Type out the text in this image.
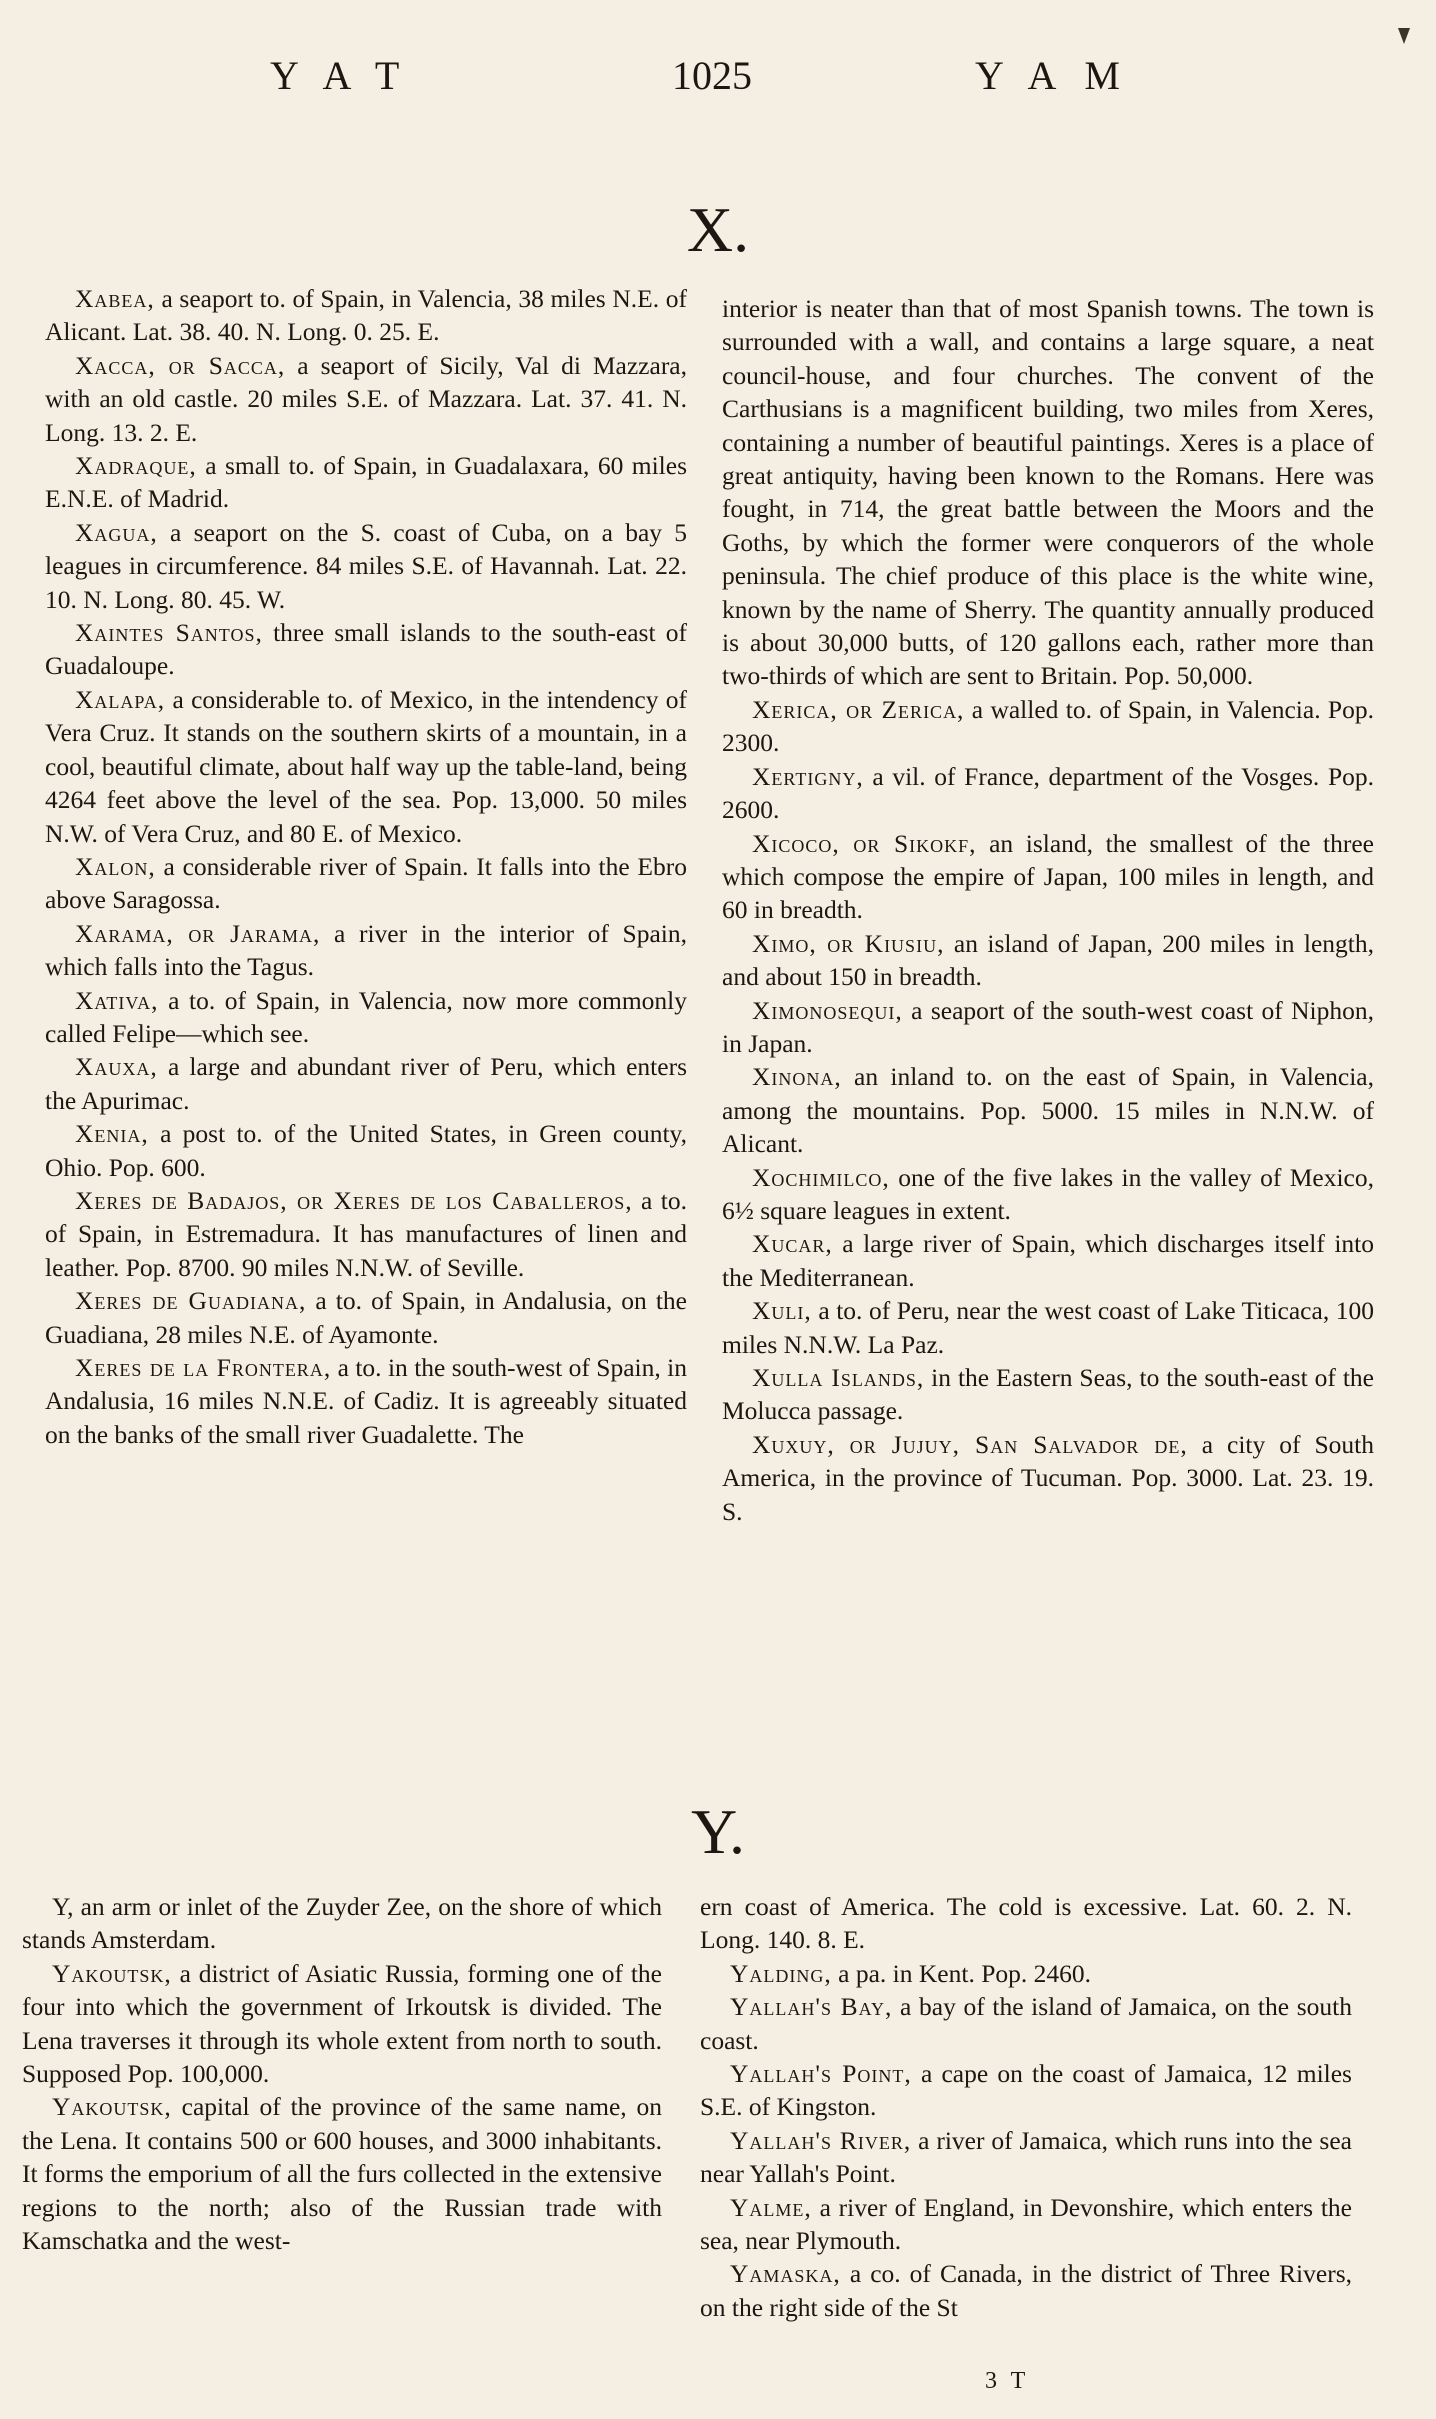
YAT	1025	YAM
X.

Xabea, a seaport to. of Spain, in Valencia, 38 miles N.E. of Alicant. Lat. 38. 40. N. Long. 0. 25. E.

Xacca, or Sacca, a seaport of Sicily, Val di Mazzara, with an old castle. 20 miles S.E. of Mazzara. Lat. 37. 41. N. Long. 13. 2. E.

Xadraque, a small to. of Spain, in Guadalaxara, 60 miles E.N.E. of Madrid.

Xagua, a seaport on the S. coast of Cuba, on a bay 5 leagues in circumference. 84 miles S.E. of Havannah. Lat. 22. 10. N. Long. 80. 45. W.

Xaintes Santos, three small islands to the south-east of Guadaloupe.

Xalapa, a considerable to. of Mexico, in the intendency of Vera Cruz. It stands on the southern skirts of a mountain, in a cool, beautiful climate, about half way up the table-land, being 4264 feet above the level of the sea. Pop. 13,000. 50 miles N.W. of Vera Cruz, and 80 E. of Mexico.

Xalon, a considerable river of Spain. It falls into the Ebro above Saragossa.

Xarama, or Jarama, a river in the interior of Spain, which falls into the Tagus.

Xativa, a to. of Spain, in Valencia, now more commonly called Felipe—which see.

Xauxa, a large and abundant river of Peru, which enters the Apurimac.

Xenia, a post to. of the United States, in Green county, Ohio. Pop. 600.

Xeres de Badajos, or Xeres de los Caballeros, a to. of Spain, in Estremadura. It has manufactures of linen and leather. Pop. 8700. 90 miles N.N.W. of Seville.

Xeres de Guadiana, a to. of Spain, in Andalusia, on the Guadiana, 28 miles N.E. of Ayamonte.

Xeres de la Frontera, a to. in the south-west of Spain, in Andalusia, 16 miles N.N.E. of Cadiz. It is agreeably situated on the banks of the small river Guadalette. The

interior is neater than that of most Spanish towns. The town is surrounded with a wall, and contains a large square, a neat council-house, and four churches. The convent of the Carthusians is a magnificent building, two miles from Xeres, containing a number of beautiful paintings. Xeres is a place of great antiquity, having been known to the Romans. Here was fought, in 714, the great battle between the Moors and the Goths, by which the former were conquerors of the whole peninsula. The chief produce of this place is the white wine, known by the name of Sherry. The quantity annually produced is about 30,000 butts, of 120 gallons each, rather more than two-thirds of which are sent to Britain. Pop. 50,000.

Xerica, or Zerica, a walled to. of Spain, in Valencia. Pop. 2300.

Xertigny, a vil. of France, department of the Vosges. Pop. 2600.

Xicoco, or Sikokf, an island, the smallest of the three which compose the empire of Japan, 100 miles in length, and 60 in breadth.

Ximo, or Kiusiu, an island of Japan, 200 miles in length, and about 150 in breadth.

Ximonosequi, a seaport of the south-west coast of Niphon, in Japan.

Xinona, an inland to. on the east of Spain, in Valencia, among the mountains. Pop. 5000. 15 miles in N.N.W. of Alicant.

Xochimilco, one of the five lakes in the valley of Mexico, 6½ square leagues in extent.

Xucar, a large river of Spain, which discharges itself into the Mediterranean.

Xuli, a to. of Peru, near the west coast of Lake Titicaca, 100 miles N.N.W. La Paz.

Xulla Islands, in the Eastern Seas, to the south-east of the Molucca passage.

Xuxuy, or Jujuy, San Salvador de, a city of South America, in the province of Tucuman. Pop. 3000. Lat. 23. 19. S.

Y.

Y, an arm or inlet of the Zuyder Zee, on the shore of which stands Amsterdam.

Yakoutsk, a district of Asiatic Russia, forming one of the four into which the government of Irkoutsk is divided. The Lena traverses it through its whole extent from north to south. Supposed Pop. 100,000.

Yakoutsk, capital of the province of the same name, on the Lena. It contains 500 or 600 houses, and 3000 inhabitants. It forms the emporium of all the furs collected in the extensive regions to the north; also of the Russian trade with Kamschatka and the west-

ern coast of America. The cold is excessive. Lat. 60. 2. N. Long. 140. 8. E.

Yalding, a pa. in Kent. Pop. 2460.

Yallah's Bay, a bay of the island of Jamaica, on the south coast.

Yallah's Point, a cape on the coast of Jamaica, 12 miles S.E. of Kingston.

Yallah's River, a river of Jamaica, which runs into the sea near Yallah's Point.

Yalme, a river of England, in Devonshire, which enters the sea, near Plymouth.

Yamaska, a co. of Canada, in the district of Three Rivers, on the right side of the St

3 T
